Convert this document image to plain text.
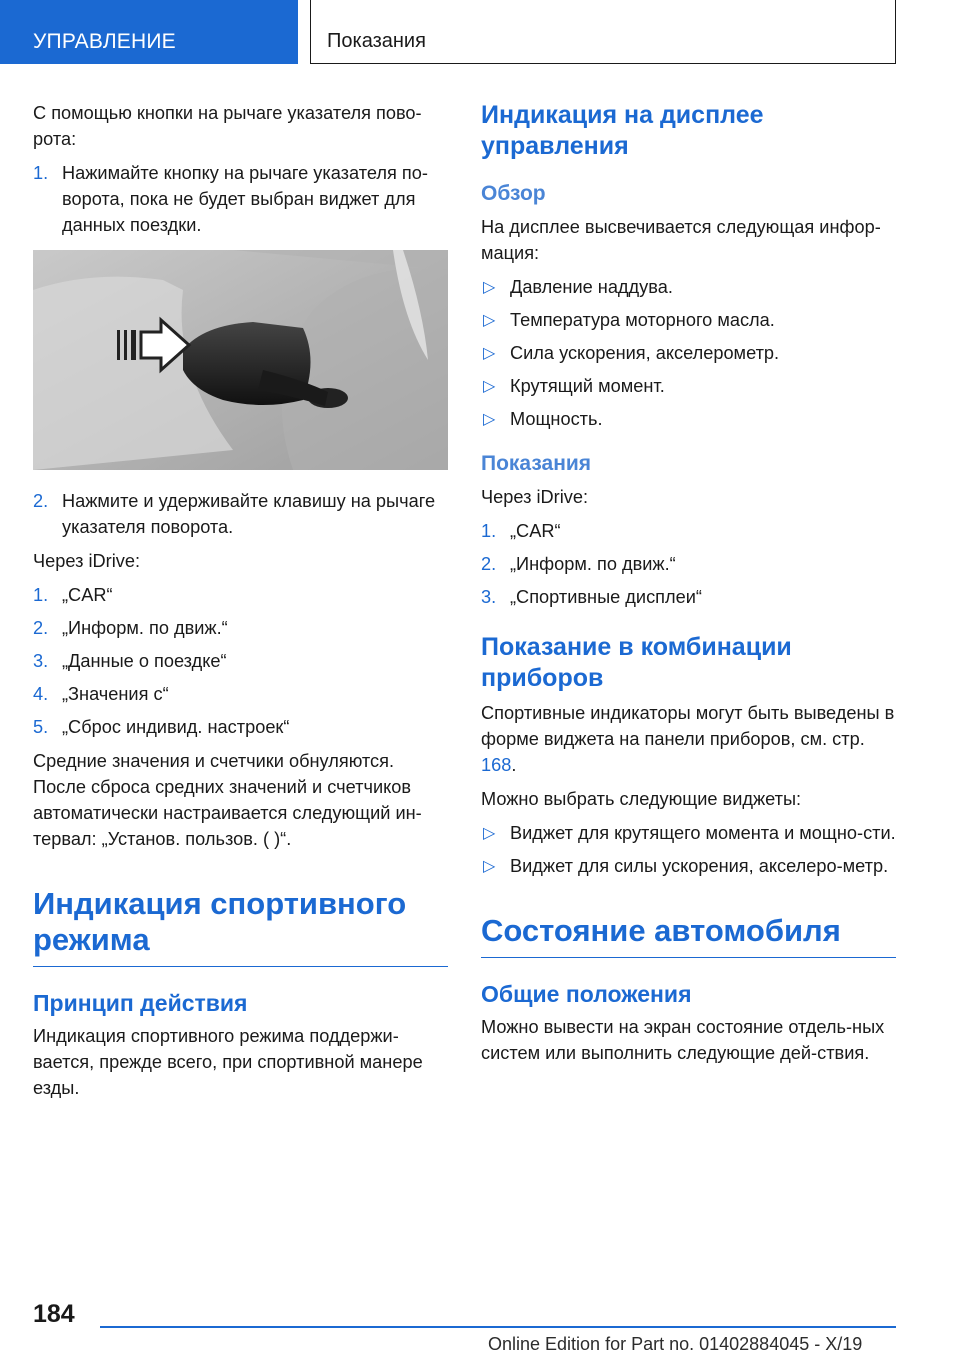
УПРАВЛЕНИЕ	Показания

С помощью кнопки на рычаге указателя пово-рота:

1. Нажимайте кнопку на рычаге указателя по-ворота, пока не будет выбран виджет для данных поездки.
2. Нажмите и удерживайте клавишу на рычаге указателя поворота.

Через iDrive:

1. „CAR“
2. „Информ. по движ.“
3. „Данные о поездке“
4. „Значения с“
5. „Сброс индивид. настроек“

Средние значения и счетчики обнуляются. После сброса средних значений и счетчиков автоматически настраивается следующий ин-тервал: „Установ. пользов. ( )“.

Индикация спортивного режима
Принцип действия

Индикация спортивного режима поддержи-вается, прежде всего, при спортивной манере езды.

Индикация на дисплее управления
Обзор

На дисплее высвечивается следующая инфор-мация:

▷ Давление наддува.
▷ Температура моторного масла.
▷ Сила ускорения, акселерометр.
▷ Крутящий момент.
▷ Мощность.
Показания

Через iDrive:

1. „CAR“
2. „Информ. по движ.“
3. „Спортивные дисплеи“
Показание в комбинации приборов

Спортивные индикаторы могут быть выведены в форме виджета на панели приборов, см. стр. 168.

Можно выбрать следующие виджеты:

▷ Виджет для крутящего момента и мощно-сти.
▷ Виджет для силы ускорения, акселеро-метр.
Состояние автомобиля
Общие положения

Можно вывести на экран состояние отдель-ных систем или выполнить следующие дей-ствия.

184
Online Edition for Part no. 01402884045 - X/19
